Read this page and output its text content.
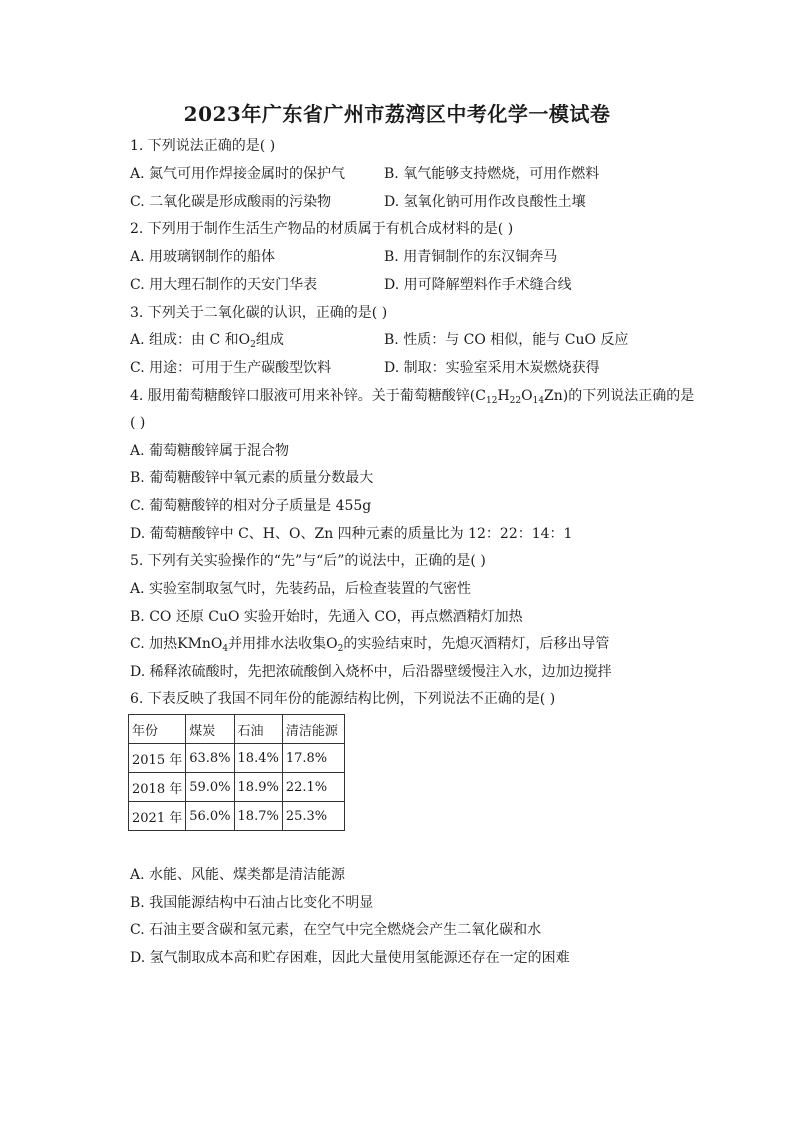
2023年广东省广州市荔湾区中考化学一模试卷
1. 下列说法正确的是( )
A. 氮气可用作焊接金属时的保护气	B. 氧气能够支持燃烧，可用作燃料
C. 二氧化碳是形成酸雨的污染物	D. 氢氧化钠可用作改良酸性土壤
2. 下列用于制作生活生产物品的材质属于有机合成材料的是( )
A. 用玻璃钢制作的船体	B. 用青铜制作的东汉铜奔马
C. 用大理石制作的天安门华表	D. 用可降解塑料作手术缝合线
3. 下列关于二氧化碳的认识，正确的是( )
A. 组成：由 C 和$O_2$组成	B. 性质：与 CO 相似，能与 CuO 反应
C. 用途：可用于生产碳酸型饮料	D. 制取：实验室采用木炭燃烧获得
4. 服用葡萄糖酸锌口服液可用来补锌。关于葡萄糖酸锌$(C_{12}H_{22}O_{14}Zn)$的下列说法正确的是
( )
A. 葡萄糖酸锌属于混合物
B. 葡萄糖酸锌中氧元素的质量分数最大
C. 葡萄糖酸锌的相对分子质量是 455g
D. 葡萄糖酸锌中 C、H、O、Zn 四种元素的质量比为 12：22：14：1
5. 下列有关实验操作的“先”与“后”的说法中，正确的是( )
A. 实验室制取氢气时，先装药品，后检查装置的气密性
B. CO 还原 CuO 实验开始时，先通入 CO，再点燃酒精灯加热
C. 加热KMnO$_4$并用排水法收集$O_2$的实验结束时，先熄灭酒精灯，后移出导管
D. 稀释浓硫酸时，先把浓硫酸倒入烧杯中，后沿器壁缓慢注入水，边加边搅拌
6. 下表反映了我国不同年份的能源结构比例，下列说法不正确的是( )
年份	煤炭	石油	清洁能源
2015 年	63.8%	18.4%	17.8%
2018 年	59.0%	18.9%	22.1%
2021 年	56.0%	18.7%	25.3%
A. 水能、风能、煤类都是清洁能源
B. 我国能源结构中石油占比变化不明显
C. 石油主要含碳和氢元素，在空气中完全燃烧会产生二氧化碳和水
D. 氢气制取成本高和贮存困难，因此大量使用氢能源还存在一定的困难
